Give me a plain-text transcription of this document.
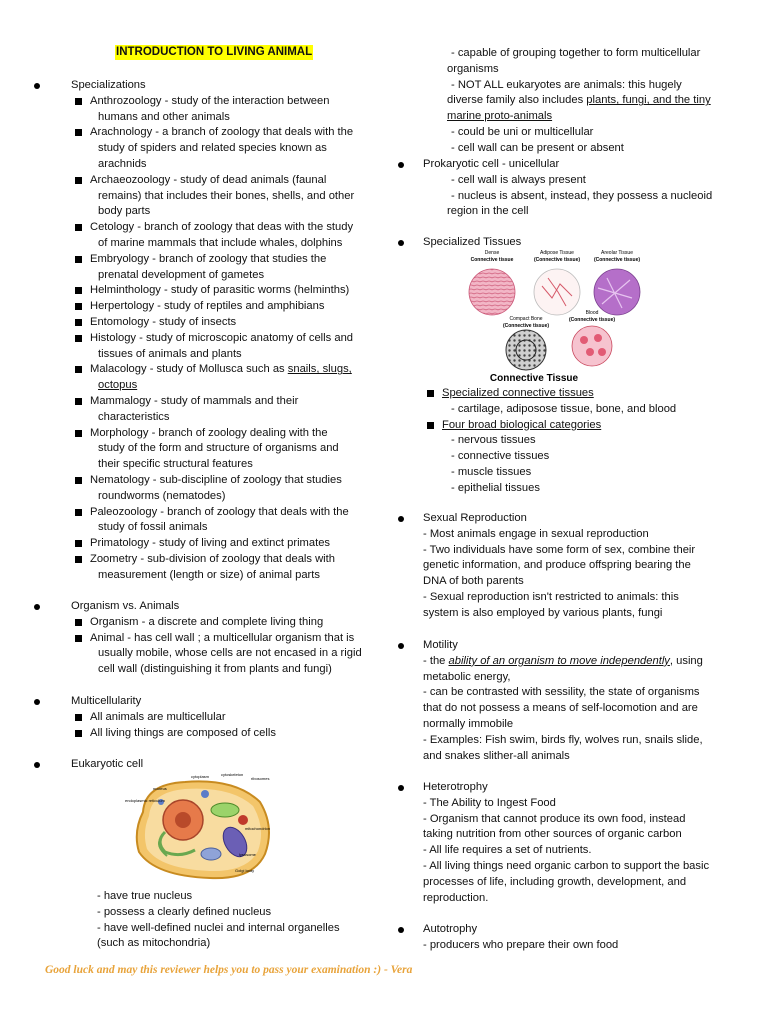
INTRODUCTION TO LIVING ANIMAL
cytoplasm	cytoskeleton
ribosomes
nucleus
endoplasmic reticulum
mitochondrion
lysosome
Golgi body
Dense
Connective tissue
Adipose Tissue
(Connective tissue)
Areolar Tissue
(Connective tissue)
Compact Bone
(Connective tissue)
Blood
(Connective tissue)
Connective Tissue
Good luck and may this reviewer helps you to pass your examination :) - Vera
Specializations
Anthrozoology - study of the interaction between
humans and other animals
Arachnology - a branch of zoology that deals with the
study of spiders and related species known as
arachnids
Archaeozoology - study of dead animals (faunal
remains) that includes their bones, shells, and other
body parts
Cetology - branch of zoology that deas with the study
of marine mammals that include whales, dolphins
Embryology - branch of zoology that studies the
prenatal development of gametes
Helminthology - study of parasitic worms (helminths)
Herpertology - study of reptiles and amphibians
Entomology - study of insects
Histology - study of microscopic anatomy of cells and
tissues of animals and plants
Malacology - study of Mollusca such as snails, slugs,
octopus
Mammalogy - study of mammals and their
characteristics
Morphology - branch of zoology dealing with the
study of the form and structure of organisms and
their specific structural features
Nematology - sub-discipline of zoology that studies
roundworms (nematodes)
Paleozoology - branch of zoology that deals with the
study of fossil animals
Primatology - study of living and extinct primates
Zoometry - sub-division of zoology that deals with
measurement (length or size) of animal parts
Organism vs. Animals
Organism - a discrete and complete living thing
Animal - has cell wall ; a multicellular organism that is
usually mobile, whose cells are not encased in a rigid
cell wall (distinguishing it from plants and fungi)
Multicellularity
All animals are multicellular
All living things are composed of cells
Eukaryotic cell
- have true nucleus
- possess a clearly defined nucleus
- have well-defined nuclei and internal organelles
(such as mitochondria)
- capable of grouping together to form multicellular
organisms
- NOT ALL eukaryotes are animals: this hugely
diverse family also includes plants, fungi, and the tiny
marine proto-animals
- could be uni or multicellular
- cell wall can be present or absent
Prokaryotic cell - unicellular
- cell wall is always present
- nucleus is absent, instead, they possess a nucleoid
region in the cell
Specialized Tissues
Specialized connective tissues
- cartilage, adiposose tissue, bone, and blood
Four broad biological categories
- nervous tissues
- connective tissues
- muscle tissues
- epithelial tissues
Sexual Reproduction
- Most animals engage in sexual reproduction
- Two individuals have some form of sex, combine their
genetic information, and produce offspring bearing the
DNA of both parents
- Sexual reproduction isn't restricted to animals: this
system is also employed by various plants, fungi
Motility
- the ability of an organism to move independently, using
metabolic energy,
- can be contrasted with sessility, the state of organisms
that do not possess a means of self-locomotion and are
normally immobile
- Examples: Fish swim, birds fly, wolves run, snails slide,
and snakes slither-all animals
Heterotrophy
- The Ability to Ingest Food
- Organism that cannot produce its own food, instead
taking nutrition from other sources of organic carbon
- All life requires a set of nutrients.
- All living things need organic carbon to support the basic
processes of life, including growth, development, and
reproduction.
Autotrophy
- producers who prepare their own food
